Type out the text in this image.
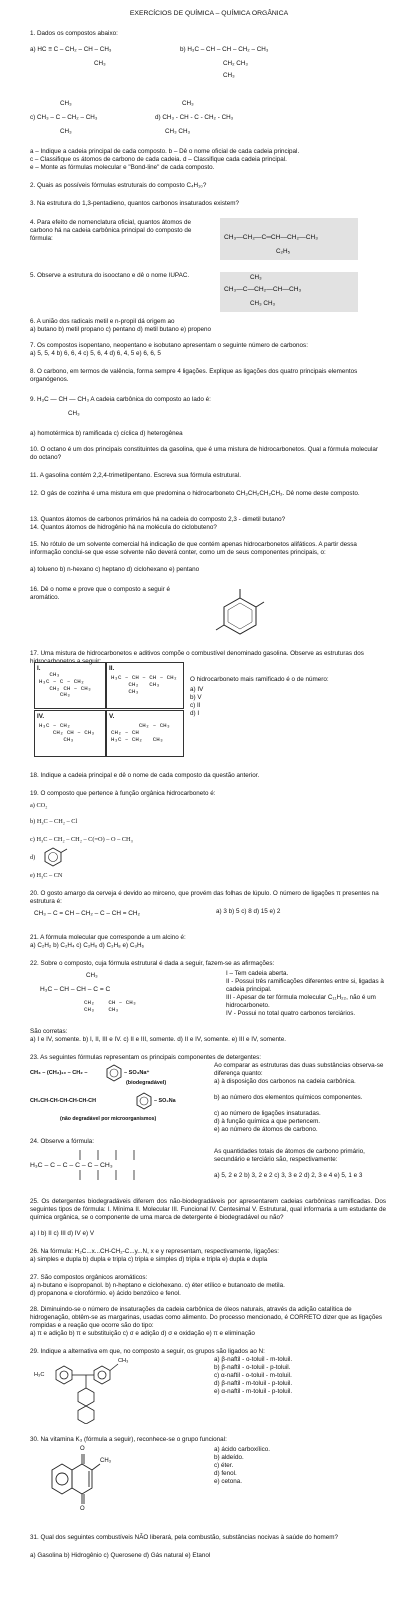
EXERCÍCIOS DE QUÍMICA – QUÍMICA ORGÂNICA
1. Dados os compostos abaixo:
a) HC ≡ C – CH₂ – CH – CH₃
CH₃
b) H₃C – CH – CH – CH₂ – CH₃
CH₂ CH₃
CH₃
CH₃
c) CH₃ – C – CH₂ – CH₃
CH₃
CH₃
d) CH₃ - CH - C - CH₂ - CH₃
CH₃ CH₃
a – Indique a cadeia principal de cada composto. b – Dê o nome oficial de cada cadeia principal.
c – Classifique os átomos de carbono de cada cadeia. d – Classifique cada cadeia principal.
e – Monte as fórmulas molecular e "Bond-line" de cada composto.
2. Quais as possíveis fórmulas estruturais do composto C₄H₁₀?
3. Na estrutura do 1,3-pentadieno, quantos carbonos insaturados existem?
4. Para efeito de nomenclatura oficial, quantos átomos de carbono há na cadeia carbônica principal do composto de fórmula:	CH₃—CH₂—C═CH—CH₂—CH₃
C₂H₅
5. Observe a estrutura do isooctano e dê o nome IUPAC.	CH₃
CH₃—C—CH₂—CH—CH₃
CH₃ CH₃
6. A união dos radicais metil e n-propil dá origem ao
a) butano b) metil propano c) pentano d) metil butano e) propeno
7. Os compostos isopentano, neopentano e isobutano apresentam o seguinte número de carbonos:
a) 5, 5, 4 b) 6, 6, 4 c) 5, 6, 4 d) 6, 4, 5 e) 6, 6, 5
8. O carbono, em termos de valência, forma sempre 4 ligações. Explique as ligações dos quatro principais elementos organógenos.
9. H₃C — CH — CH₃ A cadeia carbônica do composto ao lado é:
CH₃
a) homotérmica b) ramificada c) cíclica d) heterogênea
10. O octano é um dos principais constituintes da gasolina, que é uma mistura de hidrocarbonetos. Qual a fórmula molecular do octano?
11. A gasolina contém 2,2,4-trimetilpentano. Escreva sua fórmula estrutural.
12. O gás de cozinha é uma mistura em que predomina o hidrocarboneto CH₃CH₂CH₂CH₃. Dê nome deste composto.
13. Quantos átomos de carbonos primários há na cadeia do composto 2,3 - dimetil butano?
14. Quantos átomos de hidrogênio há na molécula do ciclobuteno?
15. No rótulo de um solvente comercial há indicação de que contém apenas hidrocarbonetos alifáticos. A partir dessa informação conclui-se que esse solvente não deverá conter, como um de seus componentes principais, o:
a) tolueno b) n-hexano c) heptano d) ciclohexano e) pentano
16. Dê o nome e prove que o composto a seguir é aromático.
17. Uma mistura de hidrocarbonetos e aditivos compõe o combustível denominado gasolina. Observe as estruturas dos hidrocarbonetos a seguir:
I.
CH₃
H₃C – C – CH₂
CH₂ CH – CH₃
CH₃
II.
H₃C – CH – CH – CH₂
CH₂   CH₃
CH₃
IV.
H₃C – CH₂
CH₂ CH – CH₃
CH₃
V.
CH₂ – CH₃
CH₂ – CH
H₃C – CH₂   CH₃
O hidrocarboneto mais ramificado é o de número:
a) IV
b) V
c) II
d) I
18. Indique a cadeia principal e dê o nome de cada composto da questão anterior.
19. O composto que pertence à função orgânica hidrocarboneto é:
a) CO₂
b) H₃C – CH₂ – Cl
c) H₃C – CH₂ – CH₂ – C(=O) – O – CH₃
d)
e) H₃C – CN
20. O gosto amargo da cerveja é devido ao mirceno, que provém das folhas de lúpulo. O número de ligações π presentes na estrutura é:
CH₃ – C = CH – CH₂ – C – CH = CH₂	a) 3 b) 5 c) 8 d) 15 e) 2
21. A fórmula molecular que corresponde a um alcino é:
a) C₂H₂ b) C₂H₄ c) C₂H₆ d) C₃H₈ e) C₃H₆
22. Sobre o composto, cuja fórmula estrutural é dada a seguir, fazem-se as afirmações:
CH₃
H₃C – CH – CH – C = C
CH₂    CH – CH₃
CH₃    CH₃
I – Tem cadeia aberta.
II - Possui três ramificações diferentes entre si, ligadas à cadeia principal.
III - Apesar de ter fórmula molecular C₁₁H₂₂, não é um hidrocarboneto.
IV - Possui no total quatro carbonos terciários.
São corretas:
a) I e IV, somente. b) I, II, III e IV. c) II e III, somente. d) II e IV, somente. e) III e IV, somente.
23. As seguintes fórmulas representam os principais componentes de detergentes:
CH₃ – (CH₂)₁₀ – CH₂ –	– SO₃Na⁺
(biodegradável)
CH₃CH-CH-CH-CH-CH-CH	– SO₃Na
(não degradável por microorganismos)
Ao comparar as estruturas das duas substâncias observa-se diferença quanto:
a) à disposição dos carbonos na cadeia carbônica.
b) ao número dos elementos químicos componentes.
c) ao número de ligações insaturadas.
d) à função química a que pertencem.
e) ao número de átomos de carbono.
24. Observe a fórmula:
H₃C – C – C – C – C – CH₃
As quantidades totais de átomos de carbono primário, secundário e terciário são, respectivamente:
a) 5, 2 e 2 b) 3, 2 e 2 c) 3, 3 e 2 d) 2, 3 e 4 e) 5, 1 e 3
25. Os detergentes biodegradáveis diferem dos não-biodegradáveis por apresentarem cadeias carbônicas ramificadas. Dos seguintes tipos de fórmula: I. Mínima II. Molecular III. Funcional IV. Centesimal V. Estrutural, qual informaria a um estudante de química orgânica, se o componente de uma marca de detergente é biodegradável ou não?
a) I b) II c) III d) IV e) V
26. Na fórmula: H₂C...x...CH-CH₂-C...y...N, x e y representam, respectivamente, ligações:
a) simples e dupla b) dupla e tripla c) tripla e simples d) tripla e tripla e) dupla e dupla
27. São compostos orgânicos aromáticos:
a) n-butano e isopropanol. b) n-heptano e ciclohexano. c) éter etílico e butanoato de metila.
d) propanona e clorofórmio. e) ácido benzóico e fenol.
28. Diminuindo-se o número de insaturações da cadeia carbônica de óleos naturais, através da adição catalítica de hidrogenação, obtêm-se as margarinas, usadas como alimento. Do processo mencionado, é CORRETO dizer que as ligações rompidas e a reação que ocorre são do tipo:
a) π e adição b) π e substituição c) σ e adição d) σ e oxidação e) π e eliminação
29. Indique a alternativa em que, no composto a seguir, os grupos são ligados ao N:
H₃C
CH₃	a) β-naftil - o-toluil - m-toluil.
b) β-naftil - o-toluil - p-toluil.
c) α-naftil - o-toluil - m-toluil.
d) β-naftil - m-toluil - p-toluil.
e) α-naftil - m-toluil - p-toluil.
30. Na vitamina K₃ (fórmula a seguir), reconhece-se o grupo funcional:
O
O
CH₃
a) ácido carboxílico.
b) aldeído.
c) éter.
d) fenol.
e) cetona.
31. Qual dos seguintes combustíveis NÃO liberará, pela combustão, substâncias nocivas à saúde do homem?
a) Gasolina b) Hidrogênio c) Querosene d) Gás natural e) Etanol
